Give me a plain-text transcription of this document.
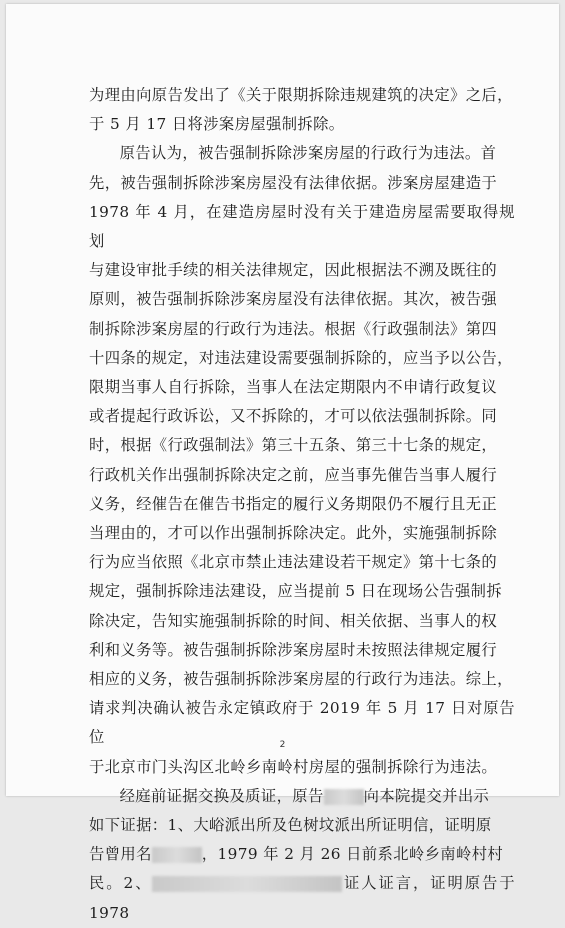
为理由向原告发出了《关于限期拆除违规建筑的决定》之后，

于 5 月 17 日将涉案房屋强制拆除。

原告认为，被告强制拆除涉案房屋的行政行为违法。首

先，被告强制拆除涉案房屋没有法律依据。涉案房屋建造于

1978 年 4 月，在建造房屋时没有关于建造房屋需要取得规划

与建设审批手续的相关法律规定，因此根据法不溯及既往的

原则，被告强制拆除涉案房屋没有法律依据。其次，被告强

制拆除涉案房屋的行政行为违法。根据《行政强制法》第四

十四条的规定，对违法建设需要强制拆除的，应当予以公告，

限期当事人自行拆除，当事人在法定期限内不申请行政复议

或者提起行政诉讼，又不拆除的，才可以依法强制拆除。同

时，根据《行政强制法》第三十五条、第三十七条的规定，

行政机关作出强制拆除决定之前，应当事先催告当事人履行

义务，经催告在催告书指定的履行义务期限仍不履行且无正

当理由的，才可以作出强制拆除决定。此外，实施强制拆除

行为应当依照《北京市禁止违法建设若干规定》第十七条的

规定，强制拆除违法建设，应当提前 5 日在现场公告强制拆

除决定，告知实施强制拆除的时间、相关依据、当事人的权

利和义务等。被告强制拆除涉案房屋时未按照法律规定履行

相应的义务，被告强制拆除涉案房屋的行政行为违法。综上，

请求判决确认被告永定镇政府于 2019 年 5 月 17 日对原告位

于北京市门头沟区北岭乡南岭村房屋的强制拆除行为违法。

经庭前证据交换及质证，原告	向本院提交并出示

如下证据：1、大峪派出所及色树坟派出所证明信，证明原

告曾用名	，1979 年 2 月 26 日前系北岭乡南岭村村

民。2、	证人证言，证明原告于 1978

2
